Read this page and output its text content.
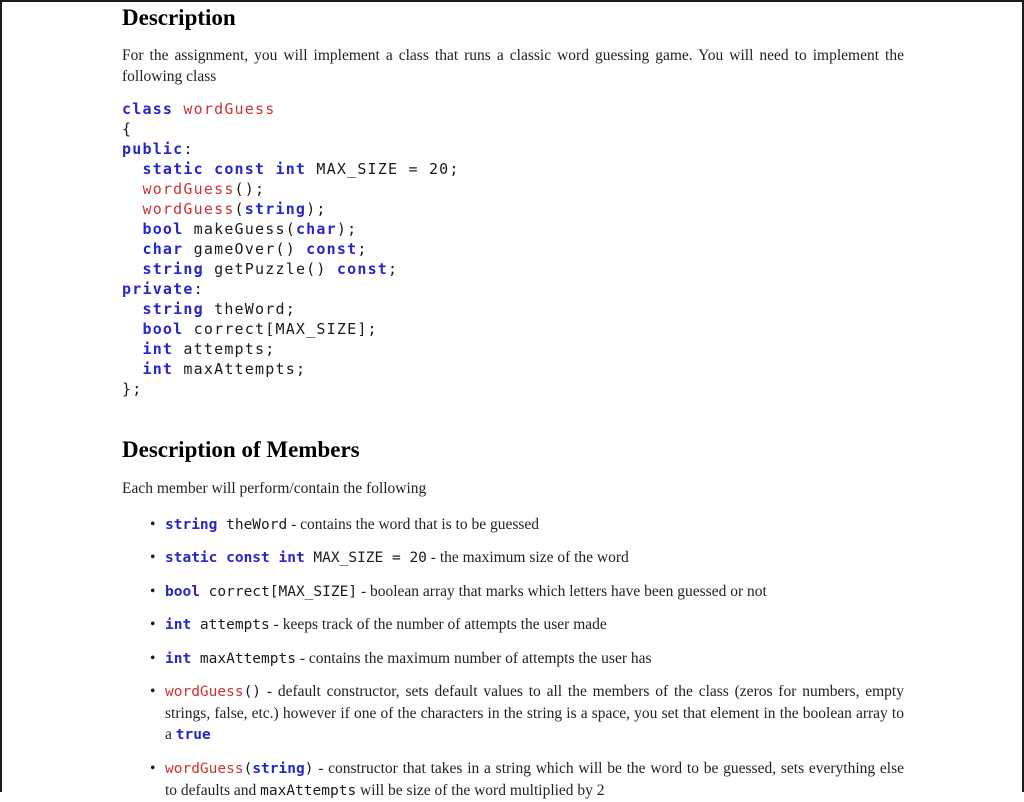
Description

For the assignment, you will implement a class that runs a classic word guessing game. You will need to implement the following class

class wordGuess
{
public:
static const int MAX_SIZE = 20;
wordGuess();
wordGuess(string);
bool makeGuess(char);
char gameOver() const;
string getPuzzle() const;
private:
string theWord;
bool correct[MAX_SIZE];
int attempts;
int maxAttempts;
};
Description of Members

Each member will perform/contain the following

• string theWord - contains the word that is to be guessed
• static const int MAX_SIZE = 20 - the maximum size of the word
• bool correct[MAX_SIZE] - boolean array that marks which letters have been guessed or not
• int attempts - keeps track of the number of attempts the user made
• int maxAttempts - contains the maximum number of attempts the user has
• wordGuess() - default constructor, sets default values to all the members of the class (zeros for numbers, empty strings, false, etc.) however if one of the characters in the string is a space, you set that element in the boolean array to a true
• wordGuess(string) - constructor that takes in a string which will be the word to be guessed, sets everything else to defaults and maxAttempts will be size of the word multiplied by 2
